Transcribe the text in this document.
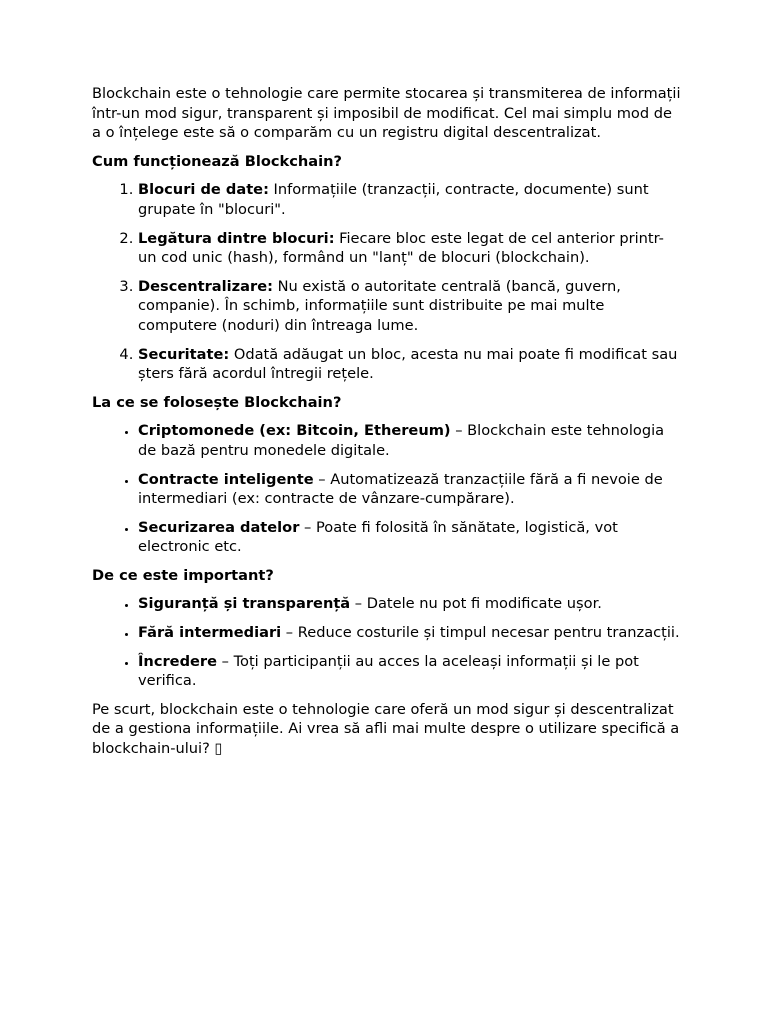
Blockchain este o tehnologie care permite stocarea și transmiterea de informații într-un mod sigur, transparent și imposibil de modificat. Cel mai simplu mod de a o înțelege este să o comparăm cu un registru digital descentralizat.

Cum funcționează Blockchain?
1. Blocuri de date: Informațiile (tranzacții, contracte, documente) sunt grupate în "blocuri".
2. Legătura dintre blocuri: Fiecare bloc este legat de cel anterior printr-un cod unic (hash), formând un "lanț" de blocuri (blockchain).
3. Descentralizare: Nu există o autoritate centrală (bancă, guvern, companie). În schimb, informațiile sunt distribuite pe mai multe computere (noduri) din întreaga lume.
4. Securitate: Odată adăugat un bloc, acesta nu mai poate fi modificat sau șters fără acordul întregii rețele.
La ce se folosește Blockchain?
• Criptomonede (ex: Bitcoin, Ethereum) – Blockchain este tehnologia de bază pentru monedele digitale.
• Contracte inteligente – Automatizează tranzacțiile fără a fi nevoie de intermediari (ex: contracte de vânzare-cumpărare).
• Securizarea datelor – Poate fi folosită în sănătate, logistică, vot electronic etc.
De ce este important?
• Siguranță și transparență – Datele nu pot fi modificate ușor.
• Fără intermediari – Reduce costurile și timpul necesar pentru tranzacții.
• Încredere – Toți participanții au acces la aceleași informații și le pot verifica.

Pe scurt, blockchain este o tehnologie care oferă un mod sigur și descentralizat de a gestiona informațiile. Ai vrea să afli mai multe despre o utilizare specifică a blockchain-ului? ▯
